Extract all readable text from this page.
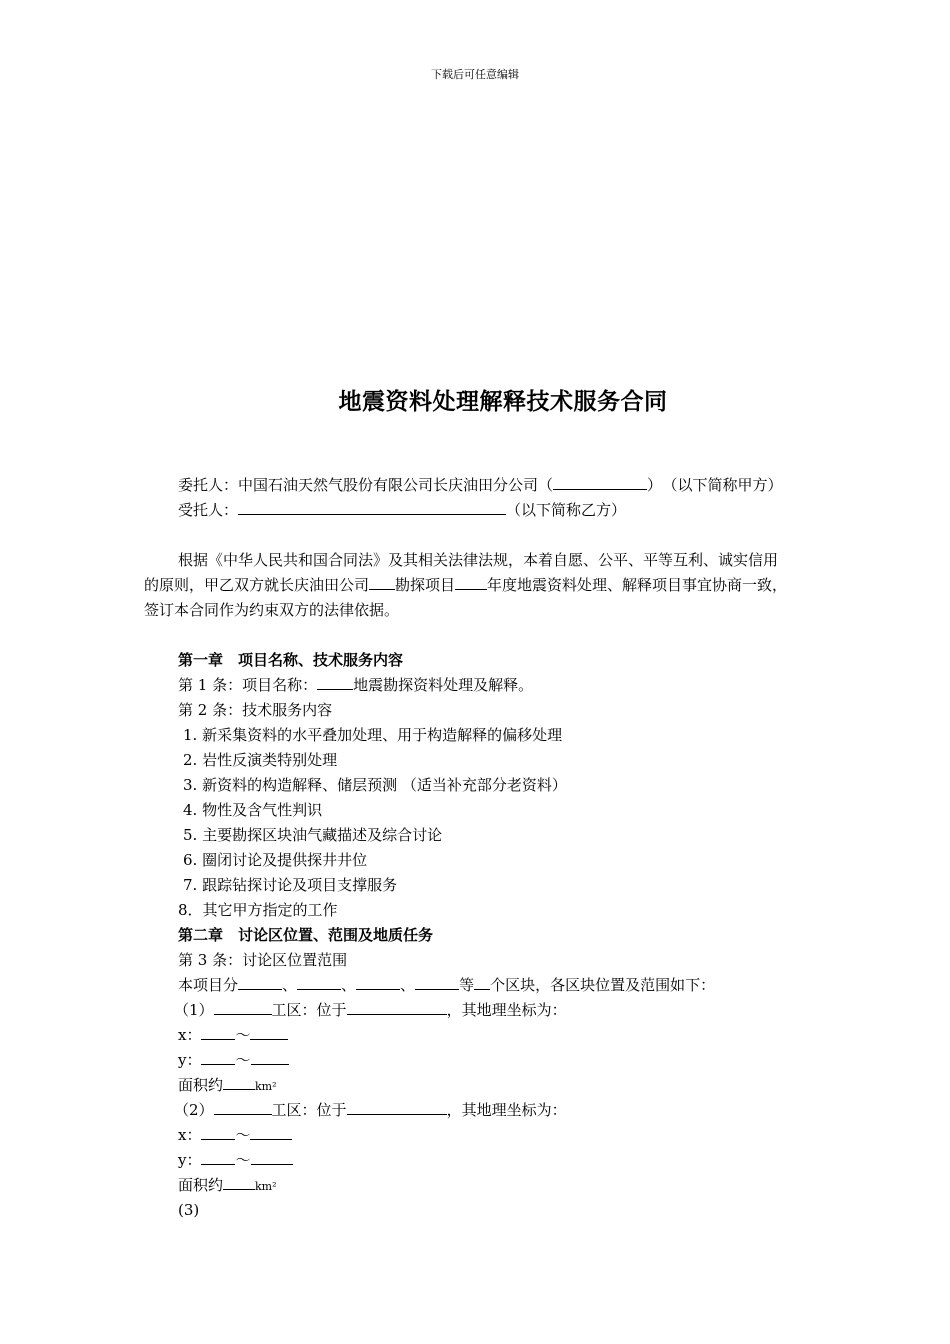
下载后可任意编辑
地震资料处理解释技术服务合同
委托人：中国石油天然气股份有限公司长庆油田分公司（	） （以下简称甲方）
受托人：	（以下简称乙方）
根据《中华人民共和国合同法》及其相关法律法规，本着自愿、公平、平等互利、诚实信用
的原则，甲乙双方就长庆油田公司 勘探项目 年度地震资料处理、解释项目事宜协商一致，
签订本合同作为约束双方的法律依据。
第一章　项目名称、技术服务内容
第 1 条：项目名称： 地震勘探资料处理及解释。
第 2 条：技术服务内容
1. 新采集资料的水平叠加处理、用于构造解释的偏移处理
2. 岩性反演类特别处理
3. 新资料的构造解释、储层预测 （适当补充部分老资料）
4. 物性及含气性判识
5. 主要勘探区块油气藏描述及综合讨论
6. 圈闭讨论及提供探井井位
7. 跟踪钻探讨论及项目支撑服务
8．其它甲方指定的工作
第二章　讨论区位置、范围及地质任务
第 3 条：讨论区位置范围
本项目分	、	、	、	等 个区块，各区块位置及范围如下：
（1）	工区：位于	，其地理坐标为：
x： ～
y： ～
面积约	km²
（2）	工区：位于	，其地理坐标为：
x： ～
y： ～
面积约	km²
(3)
